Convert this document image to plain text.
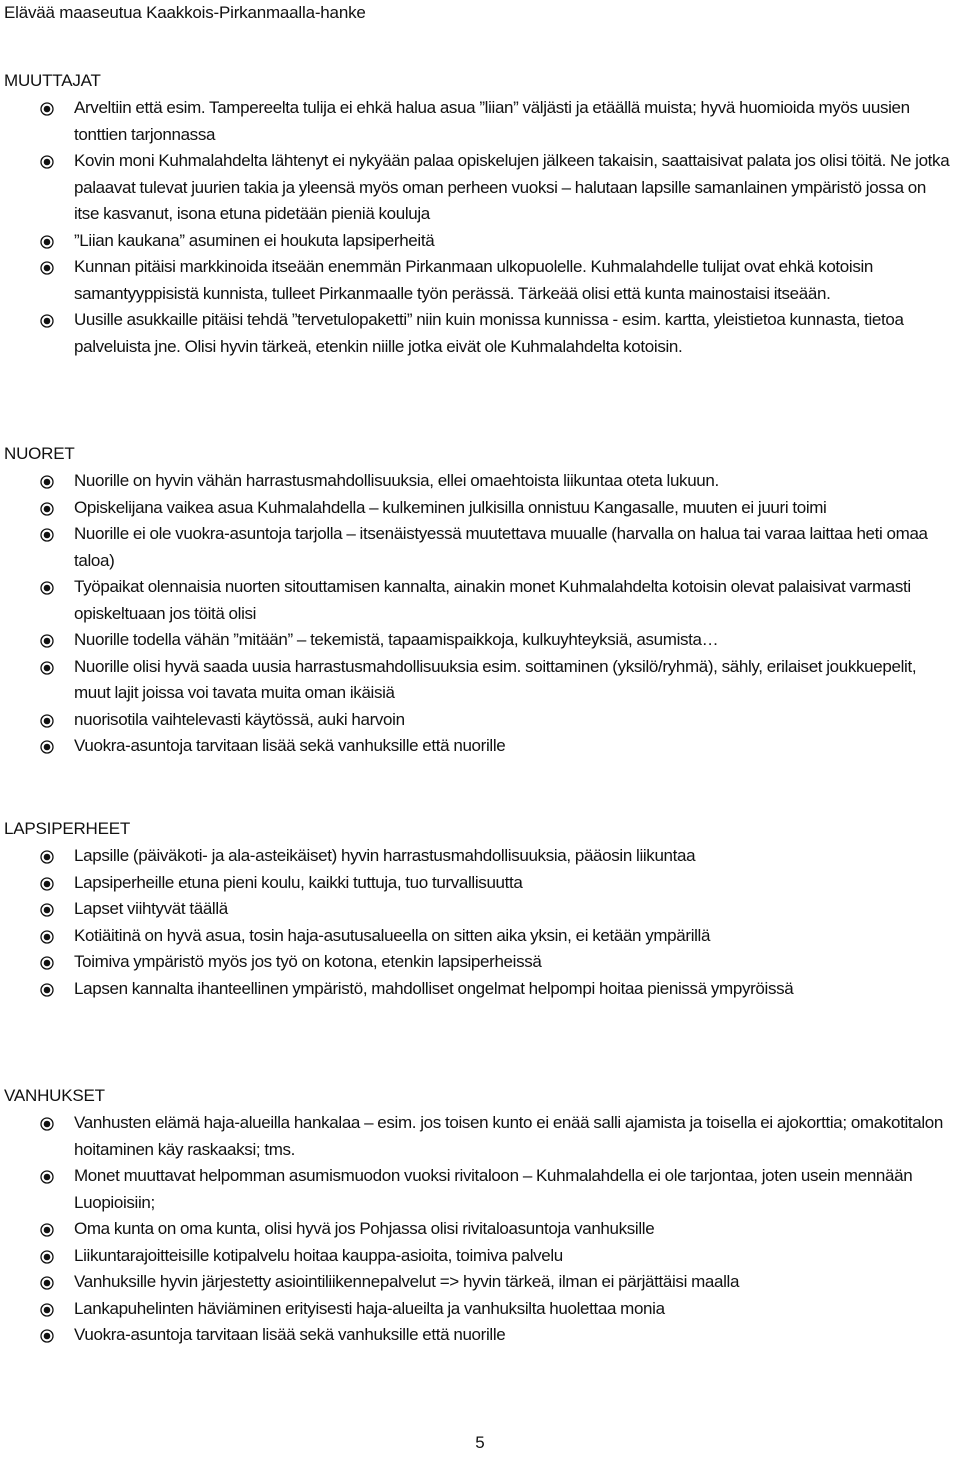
Elävää maaseutua Kaakkois-Pirkanmaalla-hanke
MUUTTAJAT
Arveltiin että esim. Tampereelta tulija ei ehkä halua asua ”liian” väljästi ja etäällä muista; hyvä huomioida myös uusien tonttien tarjonnassa
Kovin moni Kuhmalahdelta lähtenyt ei nykyään palaa opiskelujen jälkeen takaisin, saattaisivat palata jos olisi töitä. Ne jotka palaavat tulevat juurien takia ja yleensä myös oman perheen vuoksi – halutaan lapsille samanlainen ympäristö jossa on itse kasvanut, isona etuna pidetään pieniä kouluja
”Liian kaukana” asuminen ei houkuta lapsiperheitä
Kunnan pitäisi markkinoida itseään enemmän Pirkanmaan ulkopuolelle. Kuhmalahdelle tulijat ovat ehkä kotoisin samantyyppisistä kunnista, tulleet Pirkanmaalle työn perässä. Tärkeää olisi että kunta mainostaisi itseään.
Uusille asukkaille pitäisi tehdä ”tervetulopaketti” niin kuin monissa kunnissa - esim. kartta, yleistietoa kunnasta, tietoa palveluista jne. Olisi hyvin tärkeä, etenkin niille jotka eivät ole Kuhmalahdelta kotoisin.
NUORET
Nuorille on hyvin vähän harrastusmahdollisuuksia, ellei omaehtoista liikuntaa oteta lukuun.
Opiskelijana vaikea asua Kuhmalahdella – kulkeminen julkisilla onnistuu Kangasalle, muuten ei juuri toimi
Nuorille ei ole vuokra-asuntoja tarjolla – itsenäistyessä muutettava muualle (harvalla on halua tai varaa laittaa heti omaa taloa)
Työpaikat olennaisia nuorten sitouttamisen kannalta, ainakin monet Kuhmalahdelta kotoisin olevat palaisivat varmasti opiskeltuaan jos töitä olisi
Nuorille todella vähän ”mitään” – tekemistä, tapaamispaikkoja, kulkuyhteyksiä, asumista…
Nuorille olisi hyvä saada uusia harrastusmahdollisuuksia esim. soittaminen (yksilö/ryhmä), sähly, erilaiset joukkuepelit, muut lajit joissa voi tavata muita oman ikäisiä
nuorisotila vaihtelevasti käytössä, auki harvoin
Vuokra-asuntoja tarvitaan lisää sekä vanhuksille että nuorille
LAPSIPERHEET
Lapsille (päiväkoti- ja ala-asteikäiset) hyvin harrastusmahdollisuuksia, pääosin liikuntaa
Lapsiperheille etuna pieni koulu, kaikki tuttuja, tuo turvallisuutta
Lapset viihtyvät täällä
Kotiäitinä on hyvä asua, tosin haja-asutusalueella on sitten aika yksin, ei ketään ympärillä
Toimiva ympäristö myös jos työ on kotona, etenkin lapsiperheissä
Lapsen kannalta ihanteellinen ympäristö, mahdolliset ongelmat helpompi hoitaa pienissä ympyröissä
VANHUKSET
Vanhusten elämä haja-alueilla hankalaa – esim. jos toisen kunto ei enää salli ajamista ja toisella ei ajokorttia; omakotitalon hoitaminen käy raskaaksi; tms.
Monet muuttavat helpomman asumismuodon vuoksi rivitaloon – Kuhmalahdella ei ole tarjontaa, joten usein mennään Luopioisiin;
Oma kunta on oma kunta, olisi hyvä jos Pohjassa olisi rivitaloasuntoja vanhuksille
Liikuntarajoitteisille kotipalvelu hoitaa kauppa-asioita, toimiva palvelu
Vanhuksille hyvin järjestetty asiointiliikennepalvelut => hyvin tärkeä, ilman ei pärjättäisi maalla
Lankapuhelinten häviäminen erityisesti haja-alueilta ja vanhuksilta huolettaa monia
Vuokra-asuntoja tarvitaan lisää sekä vanhuksille että nuorille
5
